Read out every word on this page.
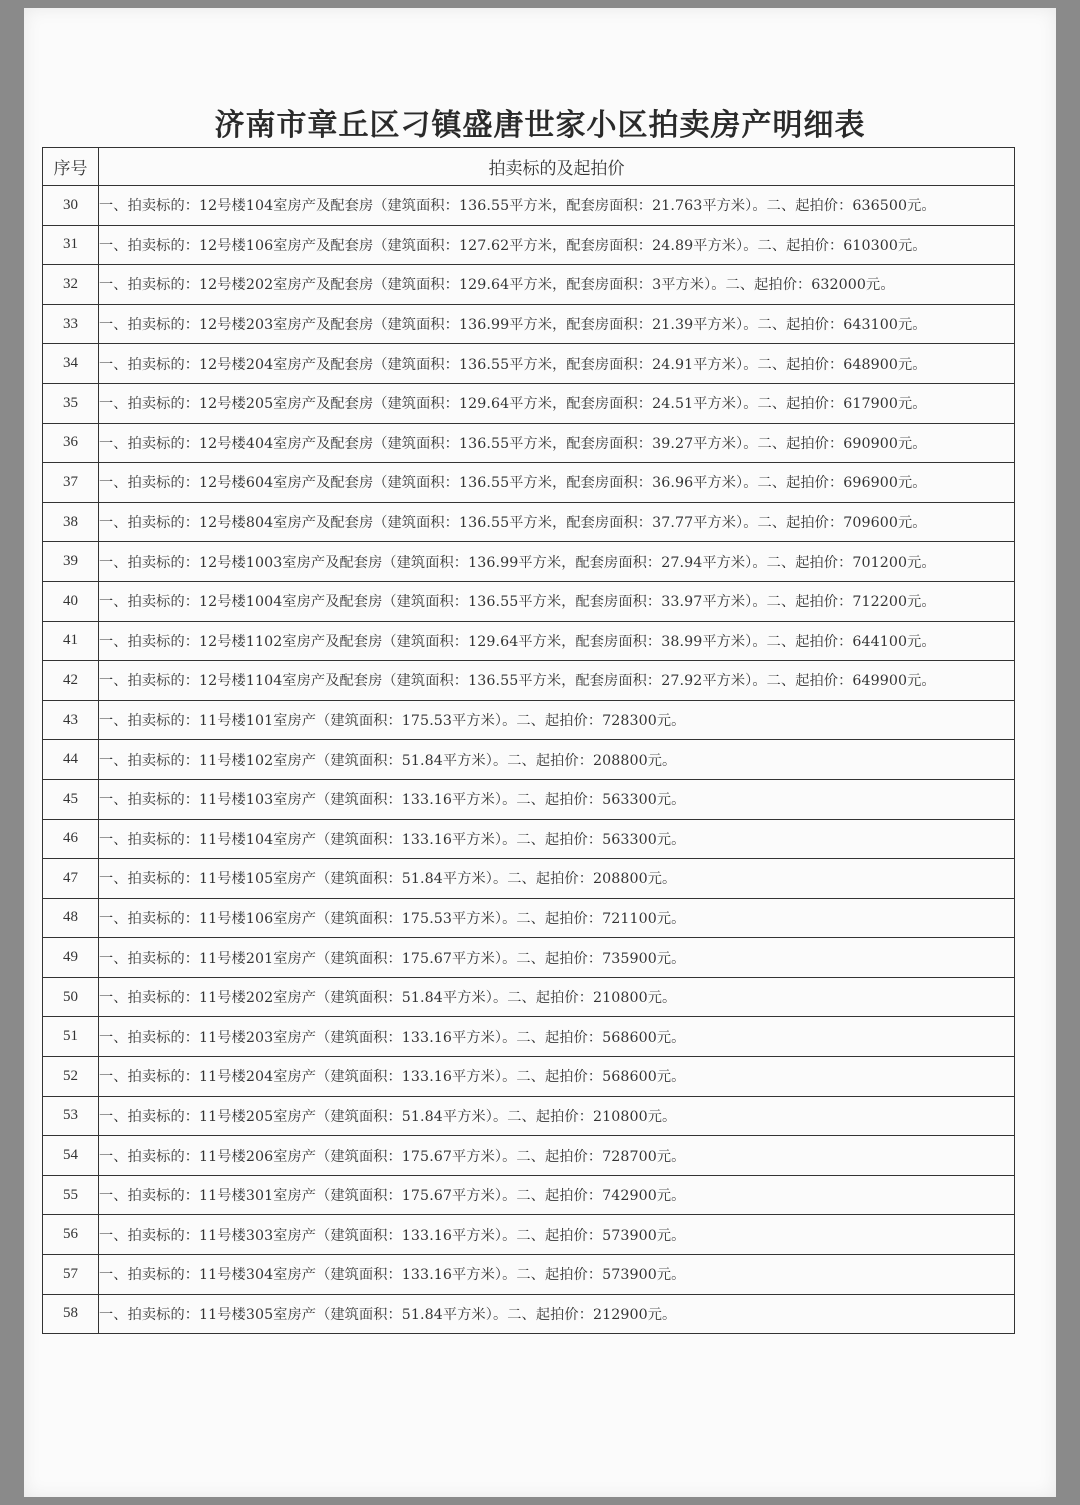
济南市章丘区刁镇盛唐世家小区拍卖房产明细表
序号	拍卖标的及起拍价
30	一、拍卖标的：12号楼104室房产及配套房（建筑面积：136.55平方米，配套房面积：21.763平方米）。二、起拍价：636500元。
31	一、拍卖标的：12号楼106室房产及配套房（建筑面积：127.62平方米，配套房面积：24.89平方米）。二、起拍价：610300元。
32	一、拍卖标的：12号楼202室房产及配套房（建筑面积：129.64平方米，配套房面积：3平方米）。二、起拍价：632000元。
33	一、拍卖标的：12号楼203室房产及配套房（建筑面积：136.99平方米，配套房面积：21.39平方米）。二、起拍价：643100元。
34	一、拍卖标的：12号楼204室房产及配套房（建筑面积：136.55平方米，配套房面积：24.91平方米）。二、起拍价：648900元。
35	一、拍卖标的：12号楼205室房产及配套房（建筑面积：129.64平方米，配套房面积：24.51平方米）。二、起拍价：617900元。
36	一、拍卖标的：12号楼404室房产及配套房（建筑面积：136.55平方米，配套房面积：39.27平方米）。二、起拍价：690900元。
37	一、拍卖标的：12号楼604室房产及配套房（建筑面积：136.55平方米，配套房面积：36.96平方米）。二、起拍价：696900元。
38	一、拍卖标的：12号楼804室房产及配套房（建筑面积：136.55平方米，配套房面积：37.77平方米）。二、起拍价：709600元。
39	一、拍卖标的：12号楼1003室房产及配套房（建筑面积：136.99平方米，配套房面积：27.94平方米）。二、起拍价：701200元。
40	一、拍卖标的：12号楼1004室房产及配套房（建筑面积：136.55平方米，配套房面积：33.97平方米）。二、起拍价：712200元。
41	一、拍卖标的：12号楼1102室房产及配套房（建筑面积：129.64平方米，配套房面积：38.99平方米）。二、起拍价：644100元。
42	一、拍卖标的：12号楼1104室房产及配套房（建筑面积：136.55平方米，配套房面积：27.92平方米）。二、起拍价：649900元。
43	一、拍卖标的：11号楼101室房产（建筑面积：175.53平方米）。二、起拍价：728300元。
44	一、拍卖标的：11号楼102室房产（建筑面积：51.84平方米）。二、起拍价：208800元。
45	一、拍卖标的：11号楼103室房产（建筑面积：133.16平方米）。二、起拍价：563300元。
46	一、拍卖标的：11号楼104室房产（建筑面积：133.16平方米）。二、起拍价：563300元。
47	一、拍卖标的：11号楼105室房产（建筑面积：51.84平方米）。二、起拍价：208800元。
48	一、拍卖标的：11号楼106室房产（建筑面积：175.53平方米）。二、起拍价：721100元。
49	一、拍卖标的：11号楼201室房产（建筑面积：175.67平方米）。二、起拍价：735900元。
50	一、拍卖标的：11号楼202室房产（建筑面积：51.84平方米）。二、起拍价：210800元。
51	一、拍卖标的：11号楼203室房产（建筑面积：133.16平方米）。二、起拍价：568600元。
52	一、拍卖标的：11号楼204室房产（建筑面积：133.16平方米）。二、起拍价：568600元。
53	一、拍卖标的：11号楼205室房产（建筑面积：51.84平方米）。二、起拍价：210800元。
54	一、拍卖标的：11号楼206室房产（建筑面积：175.67平方米）。二、起拍价：728700元。
55	一、拍卖标的：11号楼301室房产（建筑面积：175.67平方米）。二、起拍价：742900元。
56	一、拍卖标的：11号楼303室房产（建筑面积：133.16平方米）。二、起拍价：573900元。
57	一、拍卖标的：11号楼304室房产（建筑面积：133.16平方米）。二、起拍价：573900元。
58	一、拍卖标的：11号楼305室房产（建筑面积：51.84平方米）。二、起拍价：212900元。
